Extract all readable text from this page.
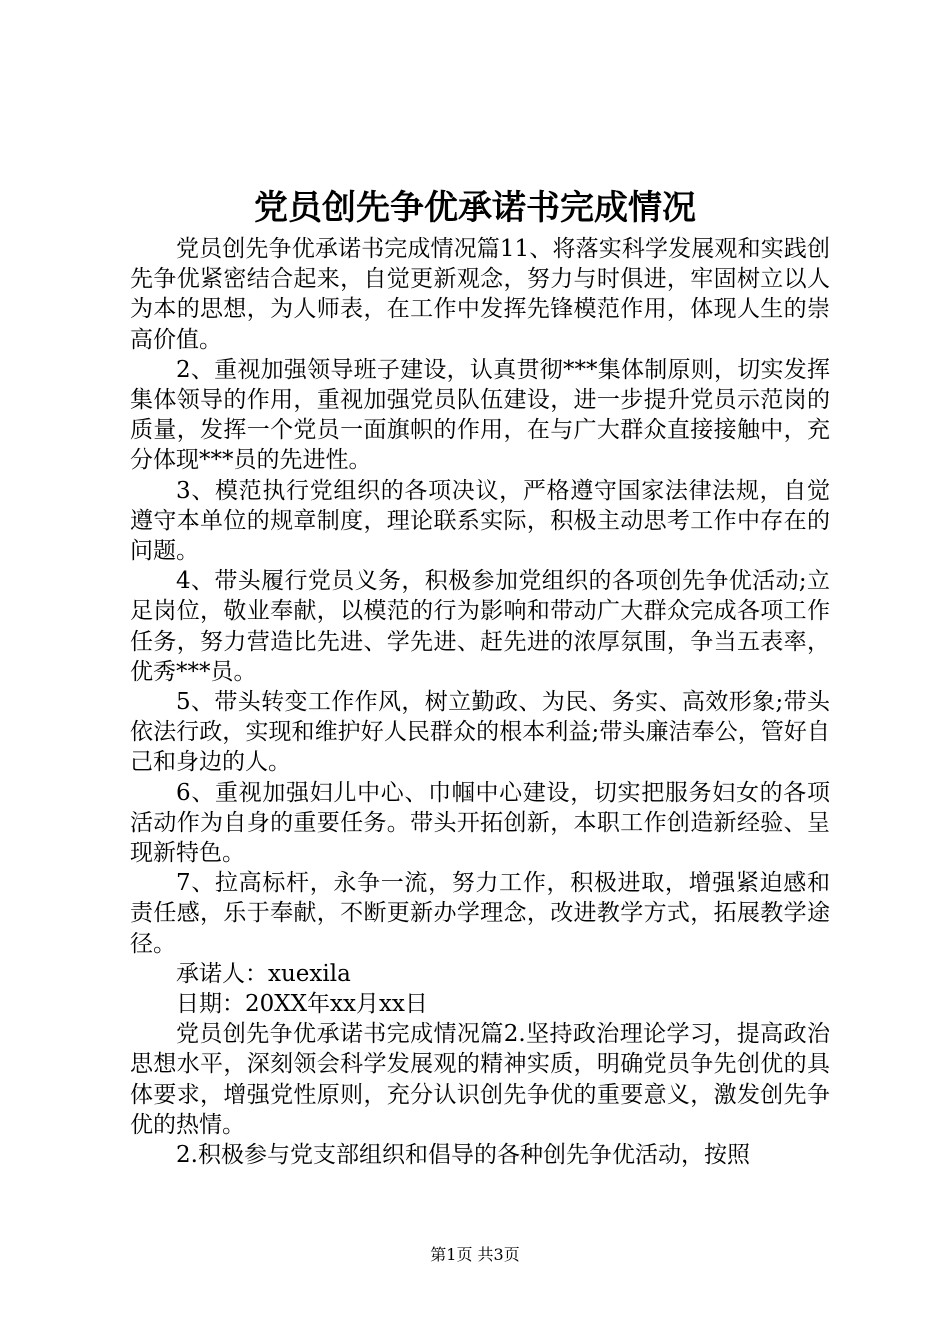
党员创先争优承诺书完成情况

党员创先争优承诺书完成情况篇11、将落实科学发展观和实践创先争优紧密结合起来，自觉更新观念，努力与时俱进，牢固树立以人为本的思想，为人师表，在工作中发挥先锋模范作用，体现人生的崇高价值。

2、重视加强领导班子建设，认真贯彻***集体制原则，切实发挥集体领导的作用，重视加强党员队伍建设，进一步提升党员示范岗的质量，发挥一个党员一面旗帜的作用，在与广大群众直接接触中，充分体现***员的先进性。

3、模范执行党组织的各项决议，严格遵守国家法律法规，自觉遵守本单位的规章制度，理论联系实际，积极主动思考工作中存在的问题。

4、带头履行党员义务，积极参加党组织的各项创先争优活动;立足岗位，敬业奉献，以模范的行为影响和带动广大群众完成各项工作任务，努力营造比先进、学先进、赶先进的浓厚氛围，争当五表率，优秀***员。

5、带头转变工作作风，树立勤政、为民、务实、高效形象;带头依法行政，实现和维护好人民群众的根本利益;带头廉洁奉公，管好自己和身边的人。

6、重视加强妇儿中心、巾帼中心建设，切实把服务妇女的各项活动作为自身的重要任务。带头开拓创新，本职工作创造新经验、呈现新特色。

7、拉高标杆，永争一流，努力工作，积极进取，增强紧迫感和责任感，乐于奉献，不断更新办学理念，改进教学方式，拓展教学途径。

承诺人：xuexila

日期：20XX年xx月xx日

党员创先争优承诺书完成情况篇2.坚持政治理论学习，提高政治思想水平，深刻领会科学发展观的精神实质，明确党员争先创优的具体要求，增强党性原则，充分认识创先争优的重要意义，激发创先争优的热情。

2.积极参与党支部组织和倡导的各种创先争优活动，按照

第1页 共3页
